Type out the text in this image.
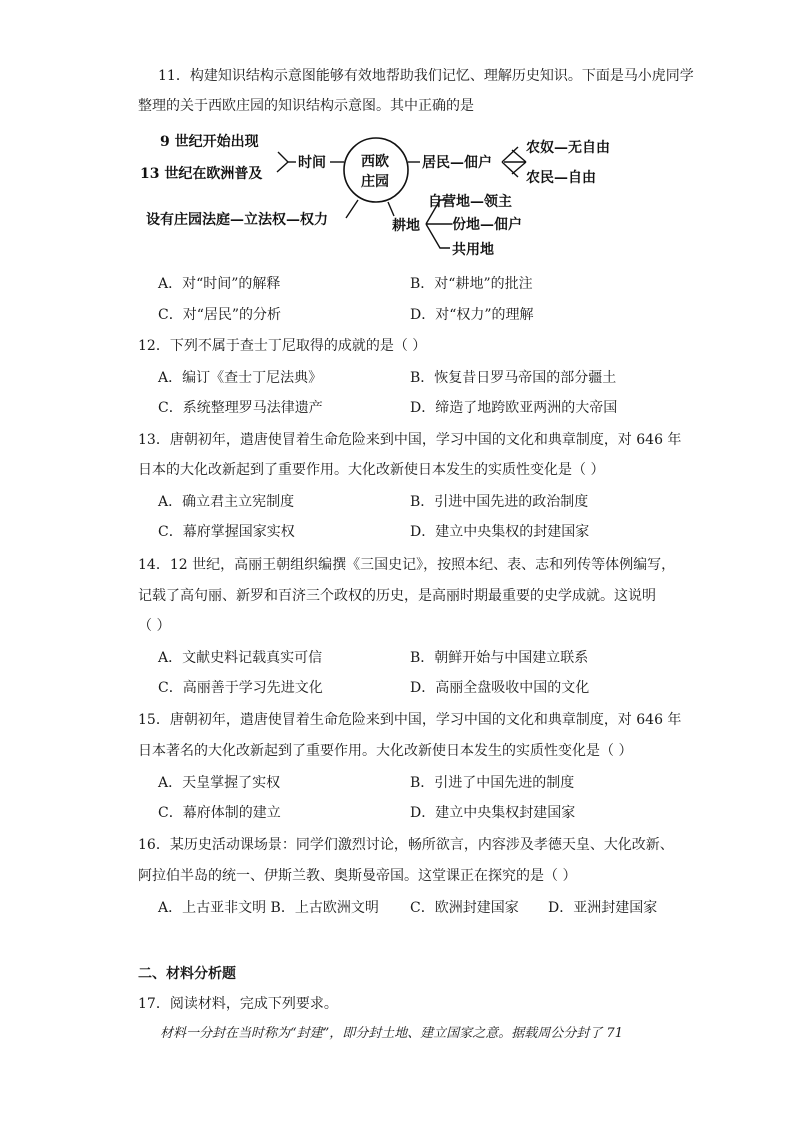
11．构建知识结构示意图能够有效地帮助我们记忆、理解历史知识。下面是马小虎同学
整理的关于西欧庄园的知识结构示意图。其中正确的是
9 世纪开始出现
13 世纪在欧洲普及
时间	西欧
庄园
居民—佃户
农奴—无自由
农民—自由
设有庄园法庭—立法权—权力	耕地
自营地—领主
份地—佃户
共用地
A．对“时间”的解释	B．对“耕地”的批注
C．对“居民”的分析	D．对“权力”的理解
12．下列不属于查士丁尼取得的成就的是（ ）
A．编订《查士丁尼法典》	B．恢复昔日罗马帝国的部分疆土
C．系统整理罗马法律遗产	D．缔造了地跨欧亚两洲的大帝国
13．唐朝初年，遣唐使冒着生命危险来到中国，学习中国的文化和典章制度，对 646 年
日本的大化改新起到了重要作用。大化改新使日本发生的实质性变化是（ ）
A．确立君主立宪制度	B．引进中国先进的政治制度
C．幕府掌握国家实权	D．建立中央集权的封建国家
14．12 世纪，高丽王朝组织编撰《三国史记》，按照本纪、表、志和列传等体例编写，
记载了高句丽、新罗和百济三个政权的历史，是高丽时期最重要的史学成就。这说明
（ ）
A．文献史料记载真实可信	B．朝鲜开始与中国建立联系
C．高丽善于学习先进文化	D．高丽全盘吸收中国的文化
15．唐朝初年，遣唐使冒着生命危险来到中国，学习中国的文化和典章制度，对 646 年
日本著名的大化改新起到了重要作用。大化改新使日本发生的实质性变化是（ ）
A．天皇掌握了实权	B．引进了中国先进的制度
C．幕府体制的建立	D．建立中央集权封建国家
16．某历史活动课场景：同学们激烈讨论，畅所欲言，内容涉及孝德天皇、大化改新、
阿拉伯半岛的统一、伊斯兰教、奥斯曼帝国。这堂课正在探究的是（ ）
A．上古亚非文明 B．上古欧洲文明 C．欧洲封建国家 D．亚洲封建国家
二、材料分析题
17．阅读材料，完成下列要求。
材料一分封在当时称为“封建”，即分封土地、建立国家之意。据载周公分封了 71
